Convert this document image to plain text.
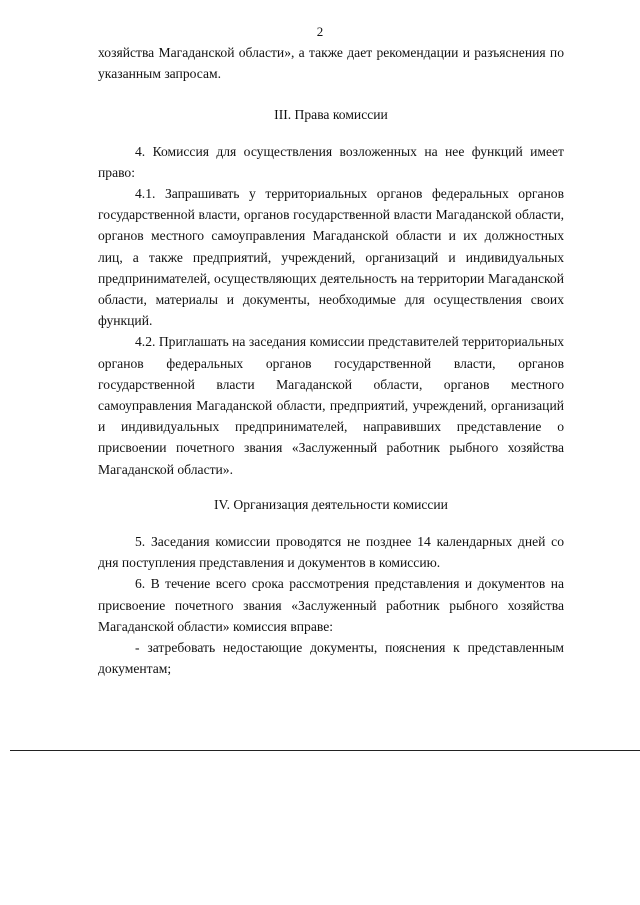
2

хозяйства Магаданской области», а также дает рекомендации и разъяснения по указанным запросам.

III. Права комиссии

4. Комиссия для осуществления возложенных на нее функций имеет право:

4.1. Запрашивать у территориальных органов федеральных органов государственной власти, органов государственной власти Магаданской области, органов местного самоуправления Магаданской области и их должностных лиц, а также предприятий, учреждений, организаций и индивидуальных предпринимателей, осуществляющих деятельность на территории Магаданской области, материалы и документы, необходимые для осуществления своих функций.

4.2. Приглашать на заседания комиссии представителей территориальных органов федеральных органов государственной власти, органов государственной власти Магаданской области, органов местного самоуправления Магаданской области, предприятий, учреждений, организаций и индивидуальных предпринимателей, направивших представление о присвоении почетного звания «Заслуженный работник рыбного хозяйства Магаданской области».

IV. Организация деятельности комиссии

5. Заседания комиссии проводятся не позднее 14 календарных дней со дня поступления представления и документов в комиссию.

6. В течение всего срока рассмотрения представления и документов на присвоение почетного звания «Заслуженный работник рыбного хозяйства Магаданской области» комиссия вправе:

- затребовать недостающие документы, пояснения к представленным документам;
